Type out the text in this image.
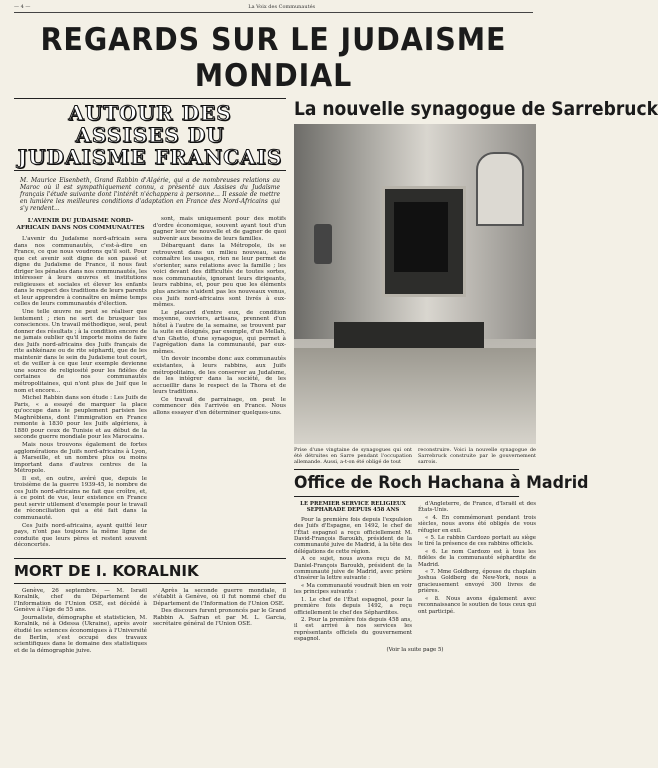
— 4 —	La Voix des Communautés
REGARDS SUR LE JUDAISME MONDIAL
AUTOUR DES ASSISES DU
JUDAISME FRANCAIS
M. Maurice Eisenbeth, Grand Rabbin d'Algérie, qui a de nombreuses relations au Maroc où il est sympathiquement connu, a présenté aux Assises du Judaïsme français l'étude suivante dont l'intérêt n'échappera à personne... Il essaie de mettre en lumière les meilleures conditions d'adaptation en France des Nord-Africains qui s'y rendent...

L'AVENIR DU JUDAISME NORD-AFRICAIN DANS NOS COMMUNAUTES

L'avenir du Judaïsme nord-africain sera dans nos communautés, c'est-à-dire en France, ce que nous voudrons qu'il soit. Pour que cet avenir soit digne de son passé et digne du Judaïsme de France, il nous faut diriger les pénates dans nos communautés, les intéresser à leurs œuvres et institutions religieuses et sociales et élever les enfants dans le respect des traditions de leurs parents et leur apprendre à connaître en même temps celles de leurs communautés d'élection.

Une telle œuvre ne peut se réaliser que lentement ; rien ne sert de brusquer les consciences. Un travail méthodique, seul, peut donner des résultats ; à la condition encore de ne jamais oublier qu'il importe moins de faire des Juifs nord-africains des Juifs français de rite ashkénaze ou de rite séphardi, que de les maintenir dans le sein du Judaïsme tout court, et de veiller à ce que leur exemple devienne une source de religiosité pour les fidèles de certaines de nos communautés métropolitaines, qui n'ont plus de Juif que le nom et encore...

Michel Rabbin dans son étude : Les Juifs de Paris, « a essayé de marquer la place qu'occupe dans le peuplement parisien les Maghrébiens, dont l'immigration en France remonte à 1830 pour les Juifs algériens, à 1880 pour ceux de Tunisie et au début de la seconde guerre mondiale pour les Marocains.

Mais nous trouvons également de fortes agglomérations de Juifs nord-africains à Lyon, à Marseille, et un nombre plus ou moins important dans d'autres centres de la Métropole.

Il est, en outre, avéré que, depuis le troisième de la guerre 1939-45, le nombre de ces Juifs nord-africains ne fait que croître, et, à ce point de vue, leur existence en France peut servir utilement d'exemple pour le travail de réconciliation qui a été fait dans la communauté.

Ces Juifs nord-africains, ayant quitté leur pays, n'ont pas toujours la même ligne de conduite que leurs pères et restent souvent déconcertés.

sont, mais uniquement pour des motifs d'ordre économique, souvent ayant tout d'un gagner leur vie nouvelle et de gagner de quoi subvenir aux besoins de leurs familles.

Débarquant dans la Métropole, ils se retrouvent dans un milieu nouveau, sans connaître les usages, rien ne leur permet de s'orienter, sans relations avec la famille ; les voici devant des difficultés de toutes sortes, nos communautés, ignorant leurs dirigeants, leurs rabbins, et, pour peu que les éléments plus anciens n'aident pas les nouveaux venus, ces Juifs nord-africains sont livrés à eux-mêmes.

Le placard d'entre eux, de condition moyenne, ouvriers, artisans, prennent d'un hôtel à l'autre de la semaine, se trouvent par la suite en éloignés, par exemple, d'un Mellah, d'un Ghetto, d'une synagogue, qui permet à l'agrégation dans la communauté, par eux-mêmes.

Un devoir incombe donc aux communautés existantes, à leurs rabbins, aux Juifs métropolitains, de les conserver au Judaïsme, de les intégrer dans la société, de les accueillir dans le respect de la Thora et de leurs traditions.

Ce travail de parrainage, on peut le commencer dès l'arrivée en France. Nous allons essayer d'en déterminer quelques-uns.

MORT DE I. KORALNIK

Genève, 26 septembre. — M. Israël Koralnik, chef du Département de l'Information de l'Union OSE, est décédé à Genève à l'âge de 55 ans.

Journaliste, démographe et statisticien, M. Koralnik, né à Odessa (Ukraine), après avoir étudié les sciences économiques à l'Université de Berlin, s'est occupé des travaux scientifiques dans le domaine des statistiques et de la démographie juive.

Après la seconde guerre mondiale, il s'établit à Genève, où il fut nommé chef du Département de l'Information de l'Union OSE.

Des discours furent prononcés par le Grand Rabbin A. Safran et par M. L. Garcia, secrétaire général de l'Union OSE.

La nouvelle synagogue de Sarrebruck
Prise d'une vingtaine de synagogues qui ont été détruites en Sarre pendant l'occupation allemande. Aussi, a-t-on été obligé de tout
reconstruire. Voici la nouvelle synagogue de Sarrebruck construite par le gouvernement sarrois.
Office de Roch Hachana à Madrid

LE PREMIER SERVICE RELIGIEUX SEPHARADE DEPUIS 458 ANS

Pour la première fois depuis l'expulsion des Juifs d'Espagne, en 1492, le chef de l'État espagnol a reçu officiellement M. David-François Baroukh, président de la communauté juive de Madrid, à la tête des délégations de cette région.

A ce sujet, nous avons reçu de M. Daniel-François Baroukh, président de la communauté juive de Madrid, avec prière d'insérer la lettre suivante :

« Ma communauté voudrait bien en voir les principes suivants :

1. Le chef de l'État espagnol, pour la première fois depuis 1492, a reçu officiellement le chef des Séphardites.

2. Pour la première fois depuis 458 ans, il est arrivé à nos services les représentants officiels du gouvernement espagnol.

d'Angleterre, de France, d'Israël et des États-Unis.

« 4. En commémorant pendant trois siècles, nous avons été obligés de vous réfugier en exil.

« 5. Le rabbin Cardozo portait au siège le tiré la présence de ces rabbins officiels.

« 6. Le nom Cardozo est à tous les fidèles de la communauté séphardite de Madrid.

« 7. Mme Goldberg, épouse du chaplain Joshua Goldberg de New-York, nous a gracieusement envoyé 300 livres de prières.

« 8. Nous avons également avec reconnaissance le soutien de tous ceux qui ont participé.

(Voir la suite page 5)
